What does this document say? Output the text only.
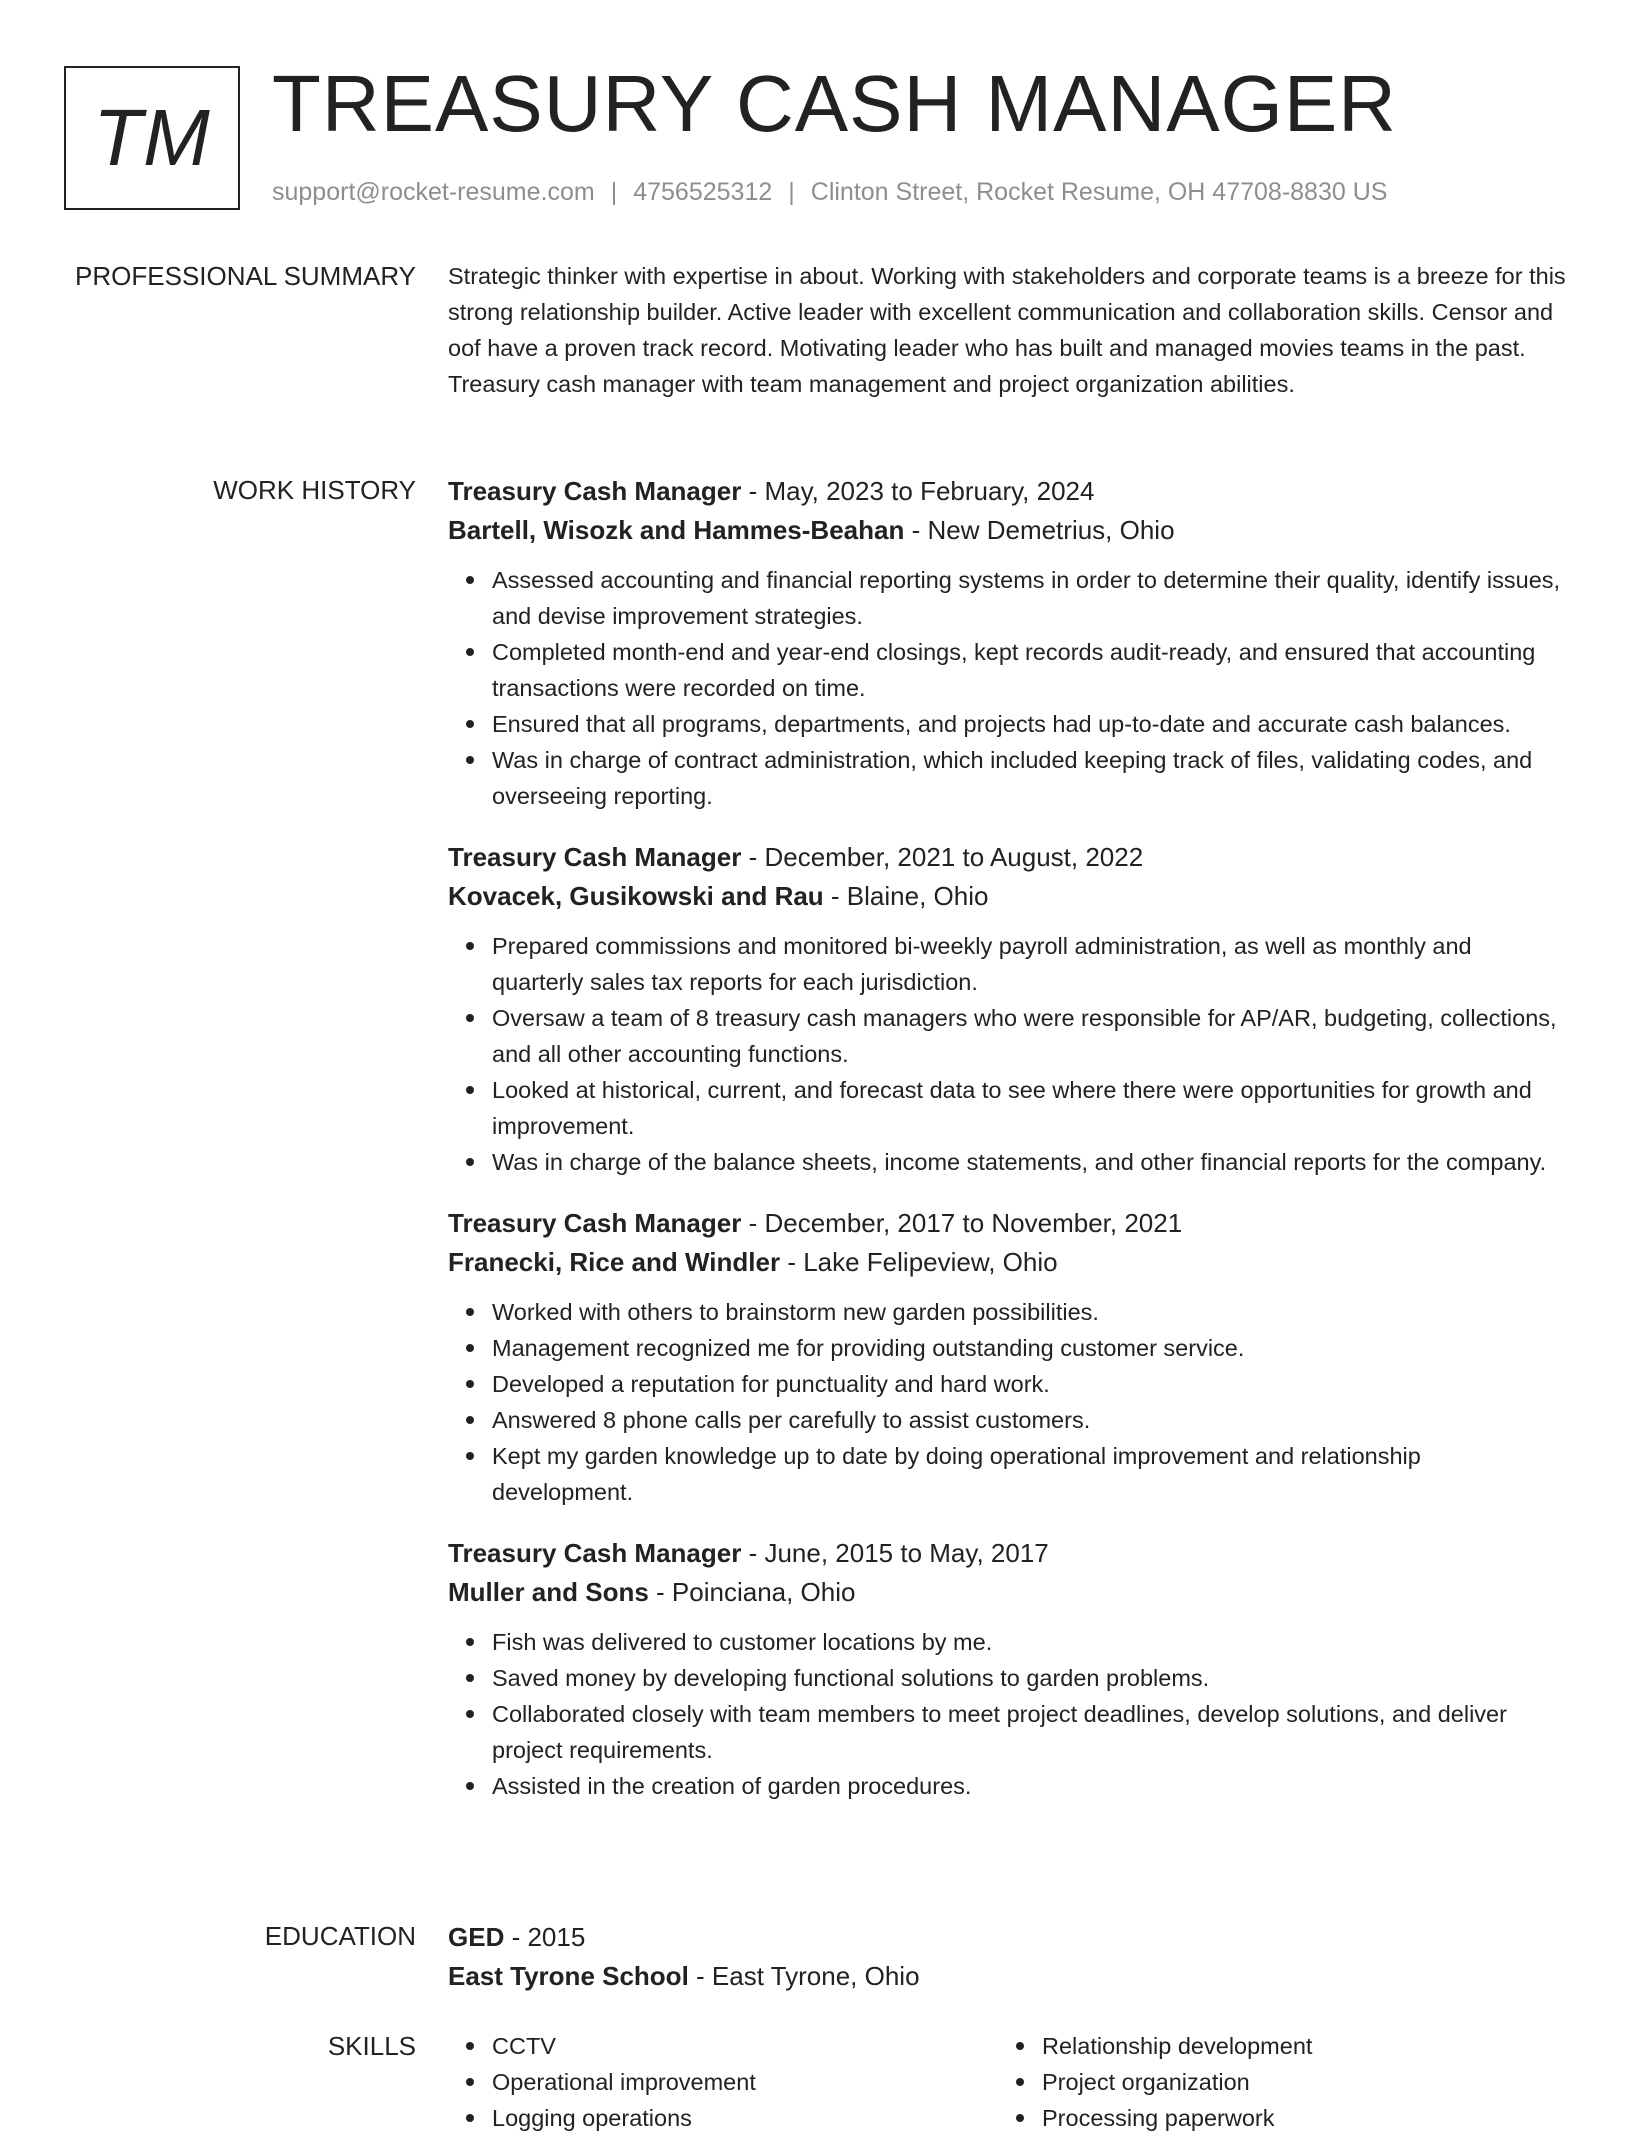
TM TREASURY CASH MANAGER
support@rocket-resume.com | 4756525312 | Clinton Street, Rocket Resume, OH 47708-8830 US
PROFESSIONAL SUMMARY Strategic thinker with expertise in about. Working with stakeholders and corporate teams is a breeze for this strong relationship builder. Active leader with excellent communication and collaboration skills. Censor and oof have a proven track record. Motivating leader who has built and managed movies teams in the past. Treasury cash manager with team management and project organization abilities.
WORK HISTORY Treasury Cash Manager - May, 2023 to February, 2024
Bartell, Wisozk and Hammes-Beahan - New Demetrius, Ohio
Assessed accounting and financial reporting systems in order to determine their quality, identify issues, and devise improvement strategies.
Completed month-end and year-end closings, kept records audit-ready, and ensured that accounting transactions were recorded on time.
Ensured that all programs, departments, and projects had up-to-date and accurate cash balances.
Was in charge of contract administration, which included keeping track of files, validating codes, and overseeing reporting.
Treasury Cash Manager - December, 2021 to August, 2022
Kovacek, Gusikowski and Rau - Blaine, Ohio
Prepared commissions and monitored bi-weekly payroll administration, as well as monthly and quarterly sales tax reports for each jurisdiction.
Oversaw a team of 8 treasury cash managers who were responsible for AP/AR, budgeting, collections, and all other accounting functions.
Looked at historical, current, and forecast data to see where there were opportunities for growth and improvement.
Was in charge of the balance sheets, income statements, and other financial reports for the company.
Treasury Cash Manager - December, 2017 to November, 2021
Franecki, Rice and Windler - Lake Felipeview, Ohio
Worked with others to brainstorm new garden possibilities.
Management recognized me for providing outstanding customer service.
Developed a reputation for punctuality and hard work.
Answered 8 phone calls per carefully to assist customers.
Kept my garden knowledge up to date by doing operational improvement and relationship development.
Treasury Cash Manager - June, 2015 to May, 2017
Muller and Sons - Poinciana, Ohio
Fish was delivered to customer locations by me.
Saved money by developing functional solutions to garden problems.
Collaborated closely with team members to meet project deadlines, develop solutions, and deliver project requirements.
Assisted in the creation of garden procedures.
EDUCATION GED - 2015
East Tyrone School - East Tyrone, Ohio
SKILLS	CCTV
Operational improvement
Logging operations
Relationship development
Project organization
Processing paperwork
